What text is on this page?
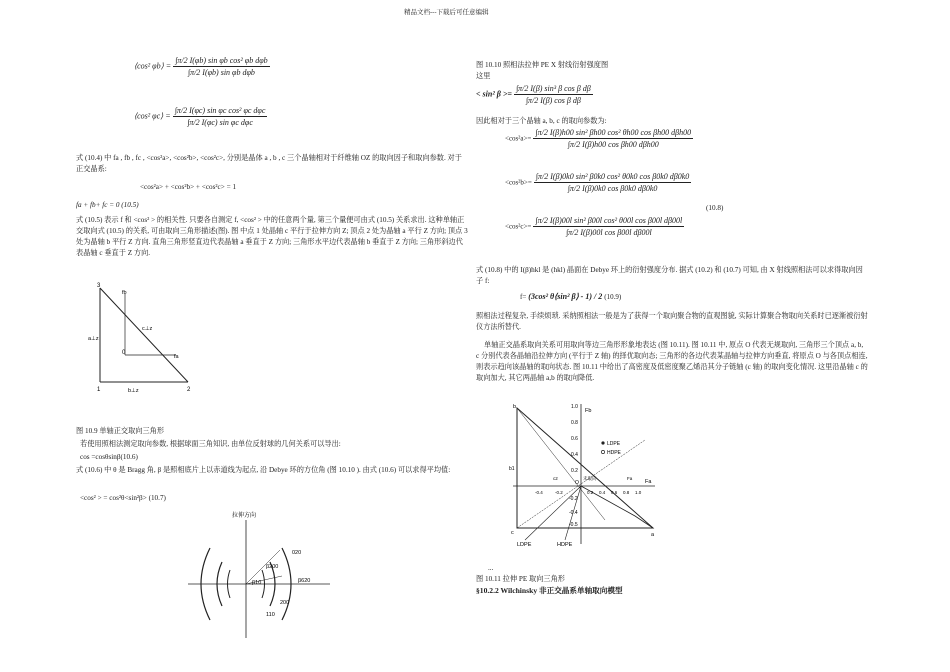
精品文档---下载后可任意编辑
⟨cos² φb⟩ = $\frac{\text{∫π/2 I(φb) sin φb cos² φb dφb}}{\text{∫π/2 I(φb) sin φb dφb}}$
⟨cos² φc⟩ = $\frac{\text{∫π/2 I(φc) sin φc cos² φc dφc}}{\text{∫π/2 I(φc) sin φc dφc}}$
式 (10.4) 中 fa , fb , fc , <cos²a>, <cos²b>, <cos²c>, 分别是晶体 a , b , c 三个晶轴相对于纤维轴 OZ 的取向因子和取向参数. 对于正交晶系:
<cos²a> + <cos²b> + <cos²c> = 1
fa + fb+ fc = 0 (10.5)
式 (10.5) 表示 f 和 <cos² > 的相关性. 只要各自测定 f, <cos² > 中的任意两个量, 第三个量便可由式 (10.5) 关系求出. 这种单轴正交取向式 (10.5) 的关系, 可由取向三角形描述(图). 图 中点 1 处晶轴 c 平行于拉伸方向 Z; 顶点 2 处为晶轴 a 平行 Z 方向; 顶点 3 处为晶轴 b 平行 Z 方向. 直角三角形竖直边代表晶轴 a 垂直于 Z 方向; 三角形水平边代表晶轴 b 垂直于 Z 方向; 三角形斜边代表晶轴 c 垂直于 Z 方向.
3
1	2
0
fb
fa
c⊥z
a⊥z
b⊥z
图 10.9 单轴正交取向三角形
若使用照相法测定取向参数, 根据球面三角知识, 由单位反射球的几何关系可以导出:
cos =cosθsinβ(10.6)
式 (10.6) 中 θ 是 Bragg 角, β 是照相底片上以赤道线为起点, 沿 Debye 环的方位角 (图 10.10 ). 由式 (10.6) 可以求得平均值:
<cos² > = cos²θ<sin²β> (10.7)
拉伸方向
020
β200
β620
β10
200
110
图 10.10 照相法拉伸 PE X 射线衍射强度图
这里
< sin² $\beta >= \frac{\text{∫π/2 I(β) sin³ β cos β dβ}}{\text{∫π/2 I(β) cos β dβ}}$
因此相对于三个晶轴 a, b, c 的取向参数为:
$<\cos^2a>= \frac{\text{∫π/2 I(β)h00 sin² βh00 cos² θh00 cos βh00 dβh00}}{\text{∫π/2 I(β)h00 cos βh00 dβh00}}$
$<\cos^2b>= \frac{\text{∫π/2 I(β)0k0 sin² β0k0 cos² θ0k0 cos β0k0 dβ0k0}}{\text{∫π/2 I(β)0k0 cos β0k0 dβ0k0}}$
(10.8)
$<\cos^2c>= \frac{\text{∫π/2 I(β)00l sin² β00l cos² θ00l cos β00l dβ00l}}{\text{∫π/2 I(β)00l cos β00l dβ00l}}$
式 (10.8) 中的 I(β)hkl 是 (hkl) 晶面在 Debye 环上的衍射强度分布. 据式 (10.2) 和 (10.7) 可知, 由 X 射线照相法可以求得取向因子 f:
f= (3cos² θ⟨sin² β⟩ - 1) / 2 (10.9)
照相法过程复杂, 手续烦琐. 采纳照相法一般是为了获得一个取向聚合物的直观图貌, 实际计算聚合物取向关系时已逐渐被衍射仪方法所替代.
单轴正交晶系取向关系可用取向等边三角形形象地表达 (图 10.11). 图 10.11 中, 原点 O 代表无规取向, 三角形三个顶点 a, b, c 分别代表各晶轴沿拉伸方向 (平行于 Z 轴) 的择优取向态; 三角形的各边代表某晶轴与拉伸方向垂直, 将原点 O 与各顶点相连, 则表示趋向该晶轴的取向状态. 图 10.11 中给出了高密度及低密度聚乙烯沿其分子链轴 (c 轴) 的取向变化情况. 这里沿晶轴 c 的取向加大, 其它两晶轴 a,b 的取向降低.
b
Fb
1.0
0.8
0.6
0.4
0.2
-0.2
-0.4
-0.5
Fa
a
c
O
LDPE
HDPE
LDPE	HDPE
0.2 0.4 0.6 0.8 1.0
-0.2
-0.4
未取向	Fa
b1
c2
...
图 10.11 拉伸 PE 取向三角形
§10.2.2 Wilchinsky 非正交晶系单轴取向模型
